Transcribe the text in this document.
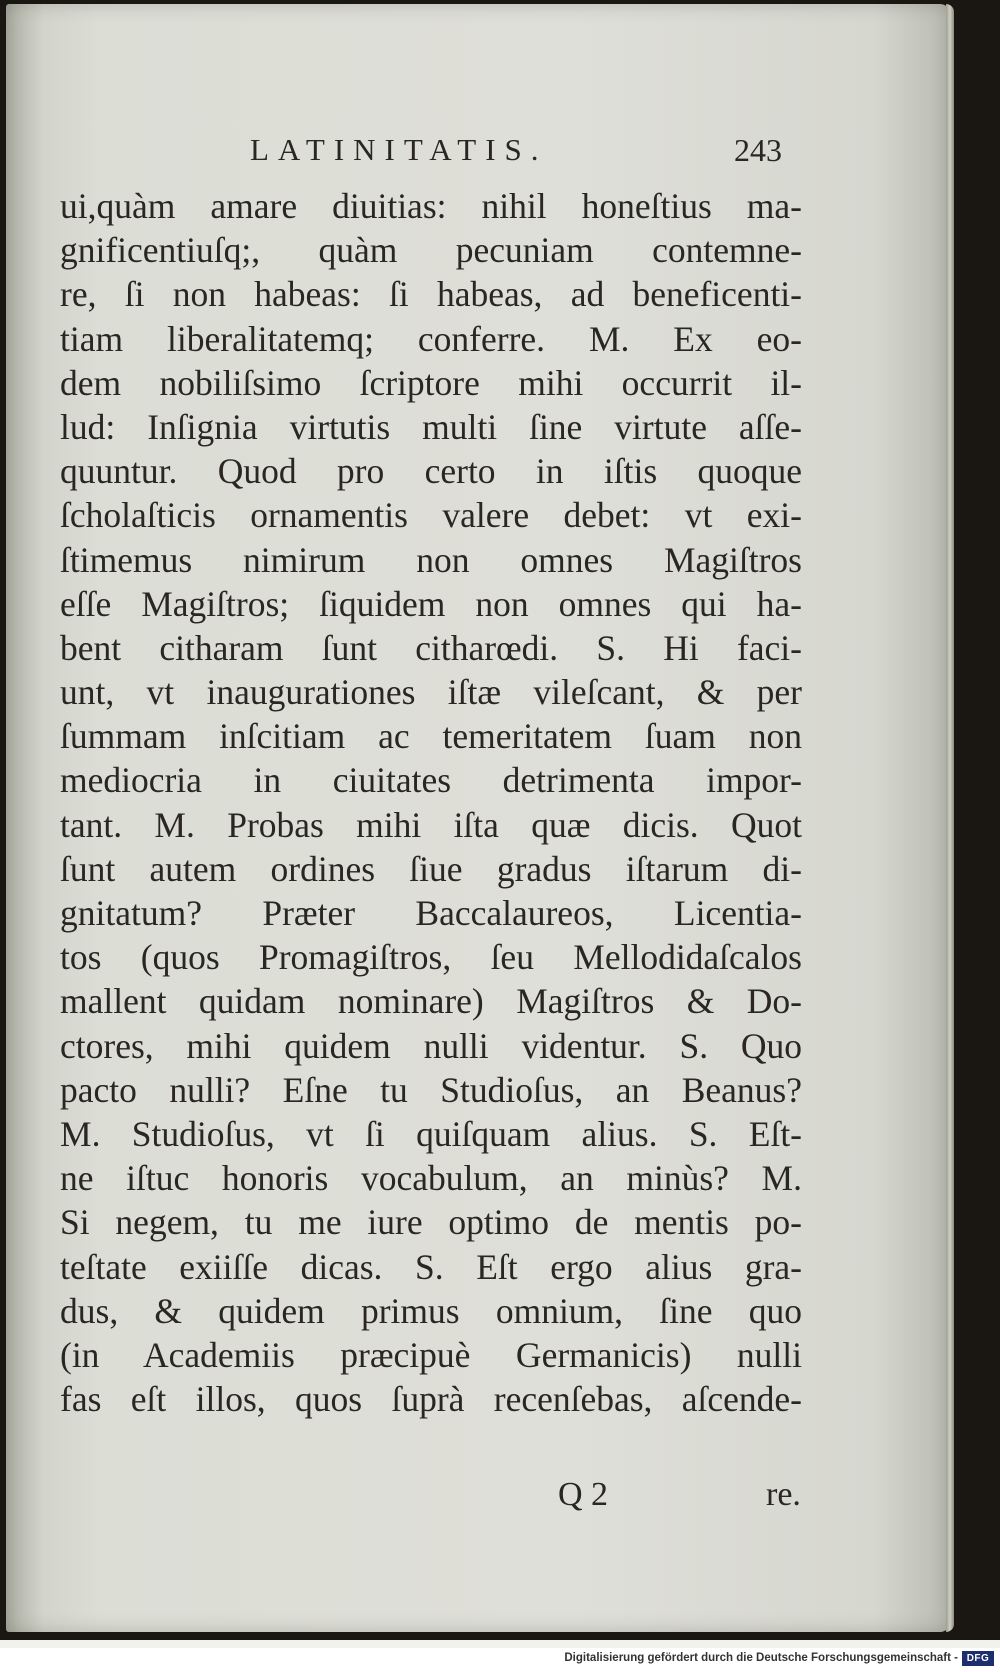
LATINITATIS.	243
ui,quàm amare diuitias: nihil honeſtius ma-
gnificentiuſq;, quàm pecuniam contemne-
re, ſi non habeas: ſi habeas, ad beneficenti-
tiam liberalitatemq; conferre. M. Ex eo-
dem nobiliſsimo ſcriptore mihi occurrit il-
lud: Inſignia virtutis multi ſine virtute aſſe-
quuntur. Quod pro certo in iſtis quoque
ſcholaſticis ornamentis valere debet: vt exi-
ſtimemus nimirum non omnes Magiſtros
eſſe Magiſtros; ſiquidem non omnes qui ha-
bent citharam ſunt citharœdi. S. Hi faci-
unt, vt inaugurationes iſtæ vileſcant, & per
ſummam inſcitiam ac temeritatem ſuam non
mediocria in ciuitates detrimenta impor-
tant. M. Probas mihi iſta quæ dicis. Quot
ſunt autem ordines ſiue gradus iſtarum di-
gnitatum? Præter Baccalaureos, Licentia-
tos (quos Promagiſtros, ſeu Mellodidaſcalos
mallent quidam nominare) Magiſtros & Do-
ctores, mihi quidem nulli videntur. S. Quo
pacto nulli? Eſne tu Studioſus, an Beanus?
M. Studioſus, vt ſi quiſquam alius. S. Eſt-
ne iſtuc honoris vocabulum, an minùs? M.
Si negem, tu me iure optimo de mentis po-
teſtate exiiſſe dicas. S. Eſt ergo alius gra-
dus, & quidem primus omnium, ſine quo
(in Academiis præcipuè Germanicis) nulli
fas eſt illos, quos ſuprà recenſebas, aſcende-
Q 2	re.
Digitalisierung gefördert durch die Deutsche Forschungsgemeinschaft - DFG
